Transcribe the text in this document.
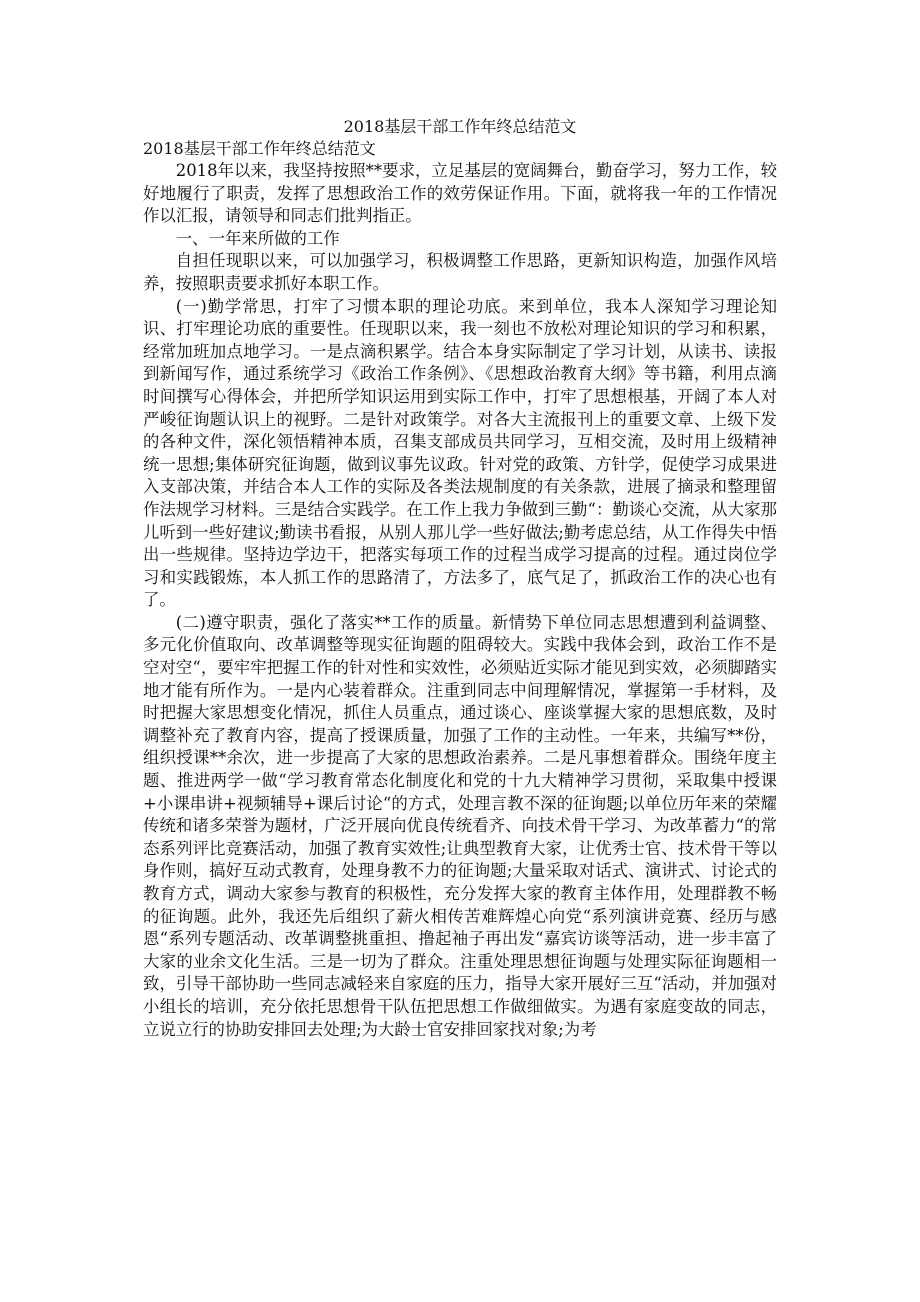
2018基层干部工作年终总结范文

2018基层干部工作年终总结范文

2018年以来，我坚持按照**要求，立足基层的宽阔舞台，勤奋学习，努力工作，较好地履行了职责，发挥了思想政治工作的效劳保证作用。下面，就将我一年的工作情况作以汇报，请领导和同志们批判指正。

一、一年来所做的工作

自担任现职以来，可以加强学习，积极调整工作思路，更新知识构造，加强作风培养，按照职责要求抓好本职工作。

(一)勤学常思，打牢了习惯本职的理论功底。来到单位，我本人深知学习理论知识、打牢理论功底的重要性。任现职以来，我一刻也不放松对理论知识的学习和积累，经常加班加点地学习。一是点滴积累学。结合本身实际制定了学习计划，从读书、读报到新闻写作，通过系统学习《政治工作条例》、《思想政治教育大纲》等书籍，利用点滴时间撰写心得体会，并把所学知识运用到实际工作中，打牢了思想根基，开阔了本人对严峻征询题认识上的视野。二是针对政策学。对各大主流报刊上的重要文章、上级下发的各种文件，深化领悟精神本质，召集支部成员共同学习，互相交流，及时用上级精神统一思想;集体研究征询题，做到议事先议政。针对党的政策、方针学，促使学习成果进入支部决策，并结合本人工作的实际及各类法规制度的有关条款，进展了摘录和整理留作法规学习材料。三是结合实践学。在工作上我力争做到三勤“：勤谈心交流，从大家那儿听到一些好建议;勤读书看报，从别人那儿学一些好做法;勤考虑总结，从工作得失中悟出一些规律。坚持边学边干，把落实每项工作的过程当成学习提高的过程。通过岗位学习和实践锻炼，本人抓工作的思路清了，方法多了，底气足了，抓政治工作的决心也有了。

(二)遵守职责，强化了落实**工作的质量。新情势下单位同志思想遭到利益调整、多元化价值取向、改革调整等现实征询题的阻碍较大。实践中我体会到，政治工作不是空对空“，要牢牢把握工作的针对性和实效性，必须贴近实际才能见到实效，必须脚踏实地才能有所作为。一是内心装着群众。注重到同志中间理解情况，掌握第一手材料，及时把握大家思想变化情况，抓住人员重点，通过谈心、座谈掌握大家的思想底数，及时调整补充了教育内容，提高了授课质量，加强了工作的主动性。一年来，共编写**份，组织授课**余次，进一步提高了大家的思想政治素养。二是凡事想着群众。围绕年度主题、推进两学一做“学习教育常态化制度化和党的十九大精神学习贯彻，采取集中授课+小课串讲+视频辅导+课后讨论“的方式，处理言教不深的征询题;以单位历年来的荣耀传统和诸多荣誉为题材，广泛开展向优良传统看齐、向技术骨干学习、为改革蓄力“的常态系列评比竞赛活动，加强了教育实效性;让典型教育大家，让优秀士官、技术骨干等以身作则，搞好互动式教育，处理身教不力的征询题;大量采取对话式、演讲式、讨论式的教育方式，调动大家参与教育的积极性，充分发挥大家的教育主体作用，处理群教不畅的征询题。此外，我还先后组织了薪火相传苦难辉煌心向党“系列演讲竞赛、经历与感恩“系列专题活动、改革调整挑重担、撸起袖子再出发“嘉宾访谈等活动，进一步丰富了大家的业余文化生活。三是一切为了群众。注重处理思想征询题与处理实际征询题相一致，引导干部协助一些同志减轻来自家庭的压力，指导大家开展好三互“活动，并加强对小组长的培训，充分依托思想骨干队伍把思想工作做细做实。为遇有家庭变故的同志，立说立行的协助安排回去处理;为大龄士官安排回家找对象;为考
